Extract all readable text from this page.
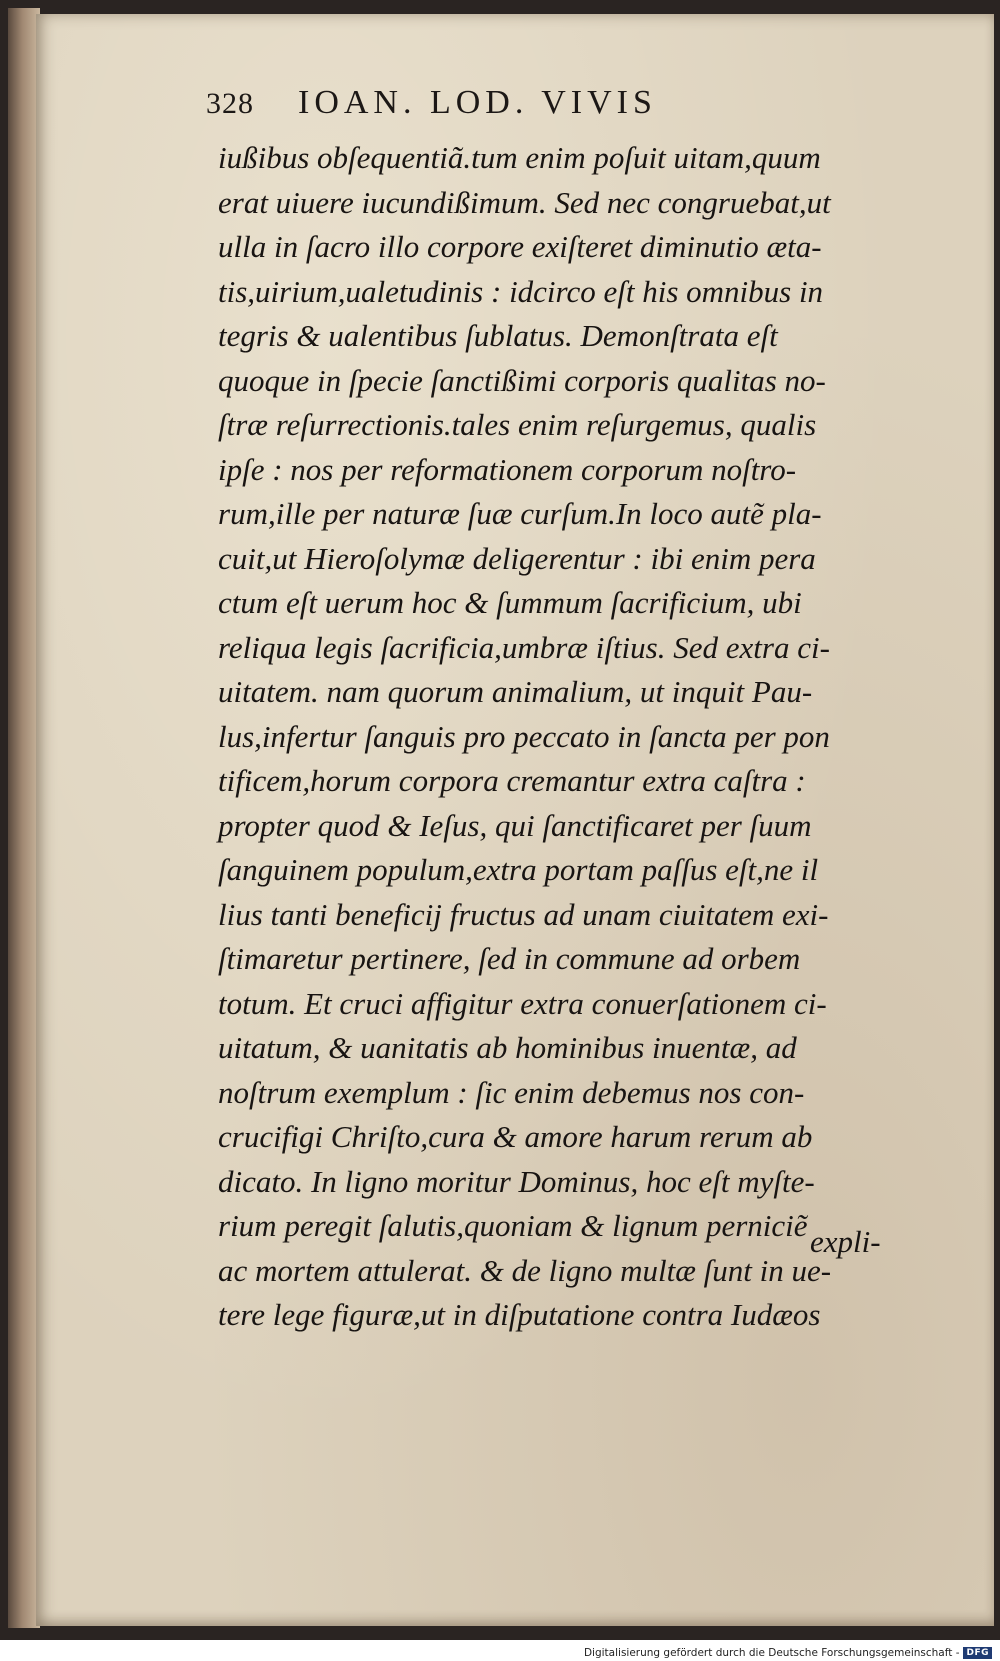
328 IOAN. LOD. VIVIS
iußibus obſequentiã.tum enim poſuit uitam,quum
erat uiuere iucundißimum. Sed nec congruebat,ut
ulla in ſacro illo corpore exiſteret diminutio æta-
tis,uirium,ualetudinis : idcirco eſt his omnibus in
tegris & ualentibus ſublatus. Demonſtrata eſt
quoque in ſpecie ſanctißimi corporis qualitas no-
ſtræ reſurrectionis.tales enim reſurgemus, qualis
ipſe : nos per reformationem corporum noſtro-
rum,ille per naturæ ſuæ curſum.In loco autẽ pla-
cuit,ut Hieroſolymæ deligerentur : ibi enim pera
ctum eſt uerum hoc & ſummum ſacrificium, ubi
reliqua legis ſacrificia,umbræ iſtius. Sed extra ci-
uitatem. nam quorum animalium, ut inquit Pau-
lus,infertur ſanguis pro peccato in ſancta per pon
tificem,horum corpora cremantur extra caſtra :
propter quod & Ieſus, qui ſanctificaret per ſuum
ſanguinem populum,extra portam paſſus eſt,ne il
lius tanti beneficij fructus ad unam ciuitatem exi-
ſtimaretur pertinere, ſed in commune ad orbem
totum. Et cruci affigitur extra conuerſationem ci-
uitatum, & uanitatis ab hominibus inuentæ, ad
noſtrum exemplum : ſic enim debemus nos con-
crucifigi Chriſto,cura & amore harum rerum ab
dicato. In ligno moritur Dominus, hoc eſt myſte-
rium peregit ſalutis,quoniam & lignum perniciẽ
ac mortem attulerat. & de ligno multæ ſunt in ue-
tere lege figuræ,ut in diſputatione contra Iudæos
expli-
Digitalisierung gefördert durch die Deutsche Forschungsgemeinschaft - DFG
